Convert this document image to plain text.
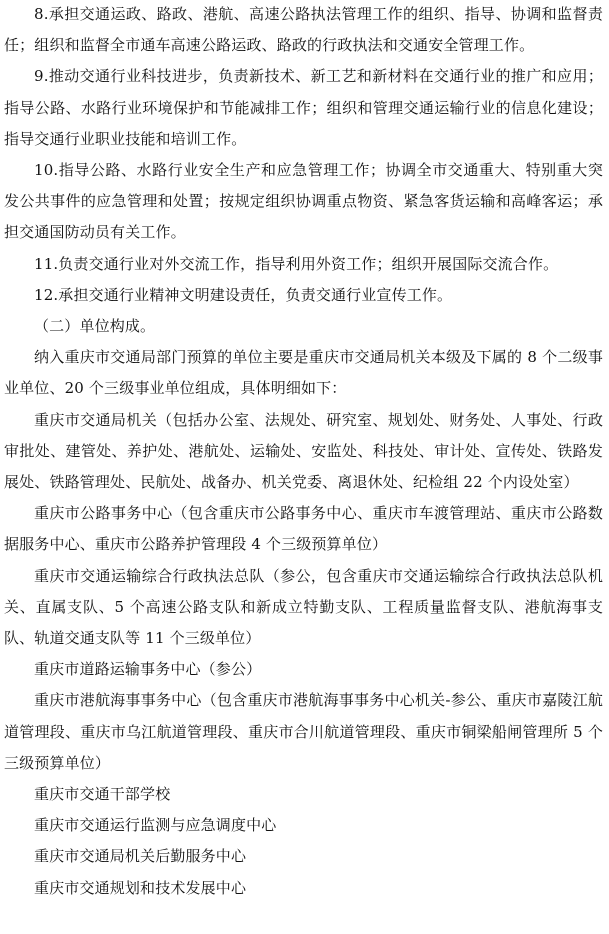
8.承担交通运政、路政、港航、高速公路执法管理工作的组织、指导、协调和监督责任；组织和监督全市通车高速公路运政、路政的行政执法和交通安全管理工作。

9.推动交通行业科技进步，负责新技术、新工艺和新材料在交通行业的推广和应用；指导公路、水路行业环境保护和节能减排工作；组织和管理交通运输行业的信息化建设；指导交通行业职业技能和培训工作。

10.指导公路、水路行业安全生产和应急管理工作；协调全市交通重大、特别重大突发公共事件的应急管理和处置；按规定组织协调重点物资、紧急客货运输和高峰客运；承担交通国防动员有关工作。

11.负责交通行业对外交流工作，指导利用外资工作；组织开展国际交流合作。

12.承担交通行业精神文明建设责任，负责交通行业宣传工作。

（二）单位构成。

纳入重庆市交通局部门预算的单位主要是重庆市交通局机关本级及下属的 8 个二级事业单位、20 个三级事业单位组成，具体明细如下：

重庆市交通局机关（包括办公室、法规处、研究室、规划处、财务处、人事处、行政审批处、建管处、养护处、港航处、运输处、安监处、科技处、审计处、宣传处、铁路发展处、铁路管理处、民航处、战备办、机关党委、离退休处、纪检组 22 个内设处室）

重庆市公路事务中心（包含重庆市公路事务中心、重庆市车渡管理站、重庆市公路数据服务中心、重庆市公路养护管理段 4 个三级预算单位）

重庆市交通运输综合行政执法总队（参公，包含重庆市交通运输综合行政执法总队机关、直属支队、5 个高速公路支队和新成立特勤支队、工程质量监督支队、港航海事支队、轨道交通支队等 11 个三级单位）

重庆市道路运输事务中心（参公）

重庆市港航海事事务中心（包含重庆市港航海事事务中心机关-参公、重庆市嘉陵江航道管理段、重庆市乌江航道管理段、重庆市合川航道管理段、重庆市铜梁船闸管理所 5 个三级预算单位）

重庆市交通干部学校

重庆市交通运行监测与应急调度中心

重庆市交通局机关后勤服务中心

重庆市交通规划和技术发展中心
